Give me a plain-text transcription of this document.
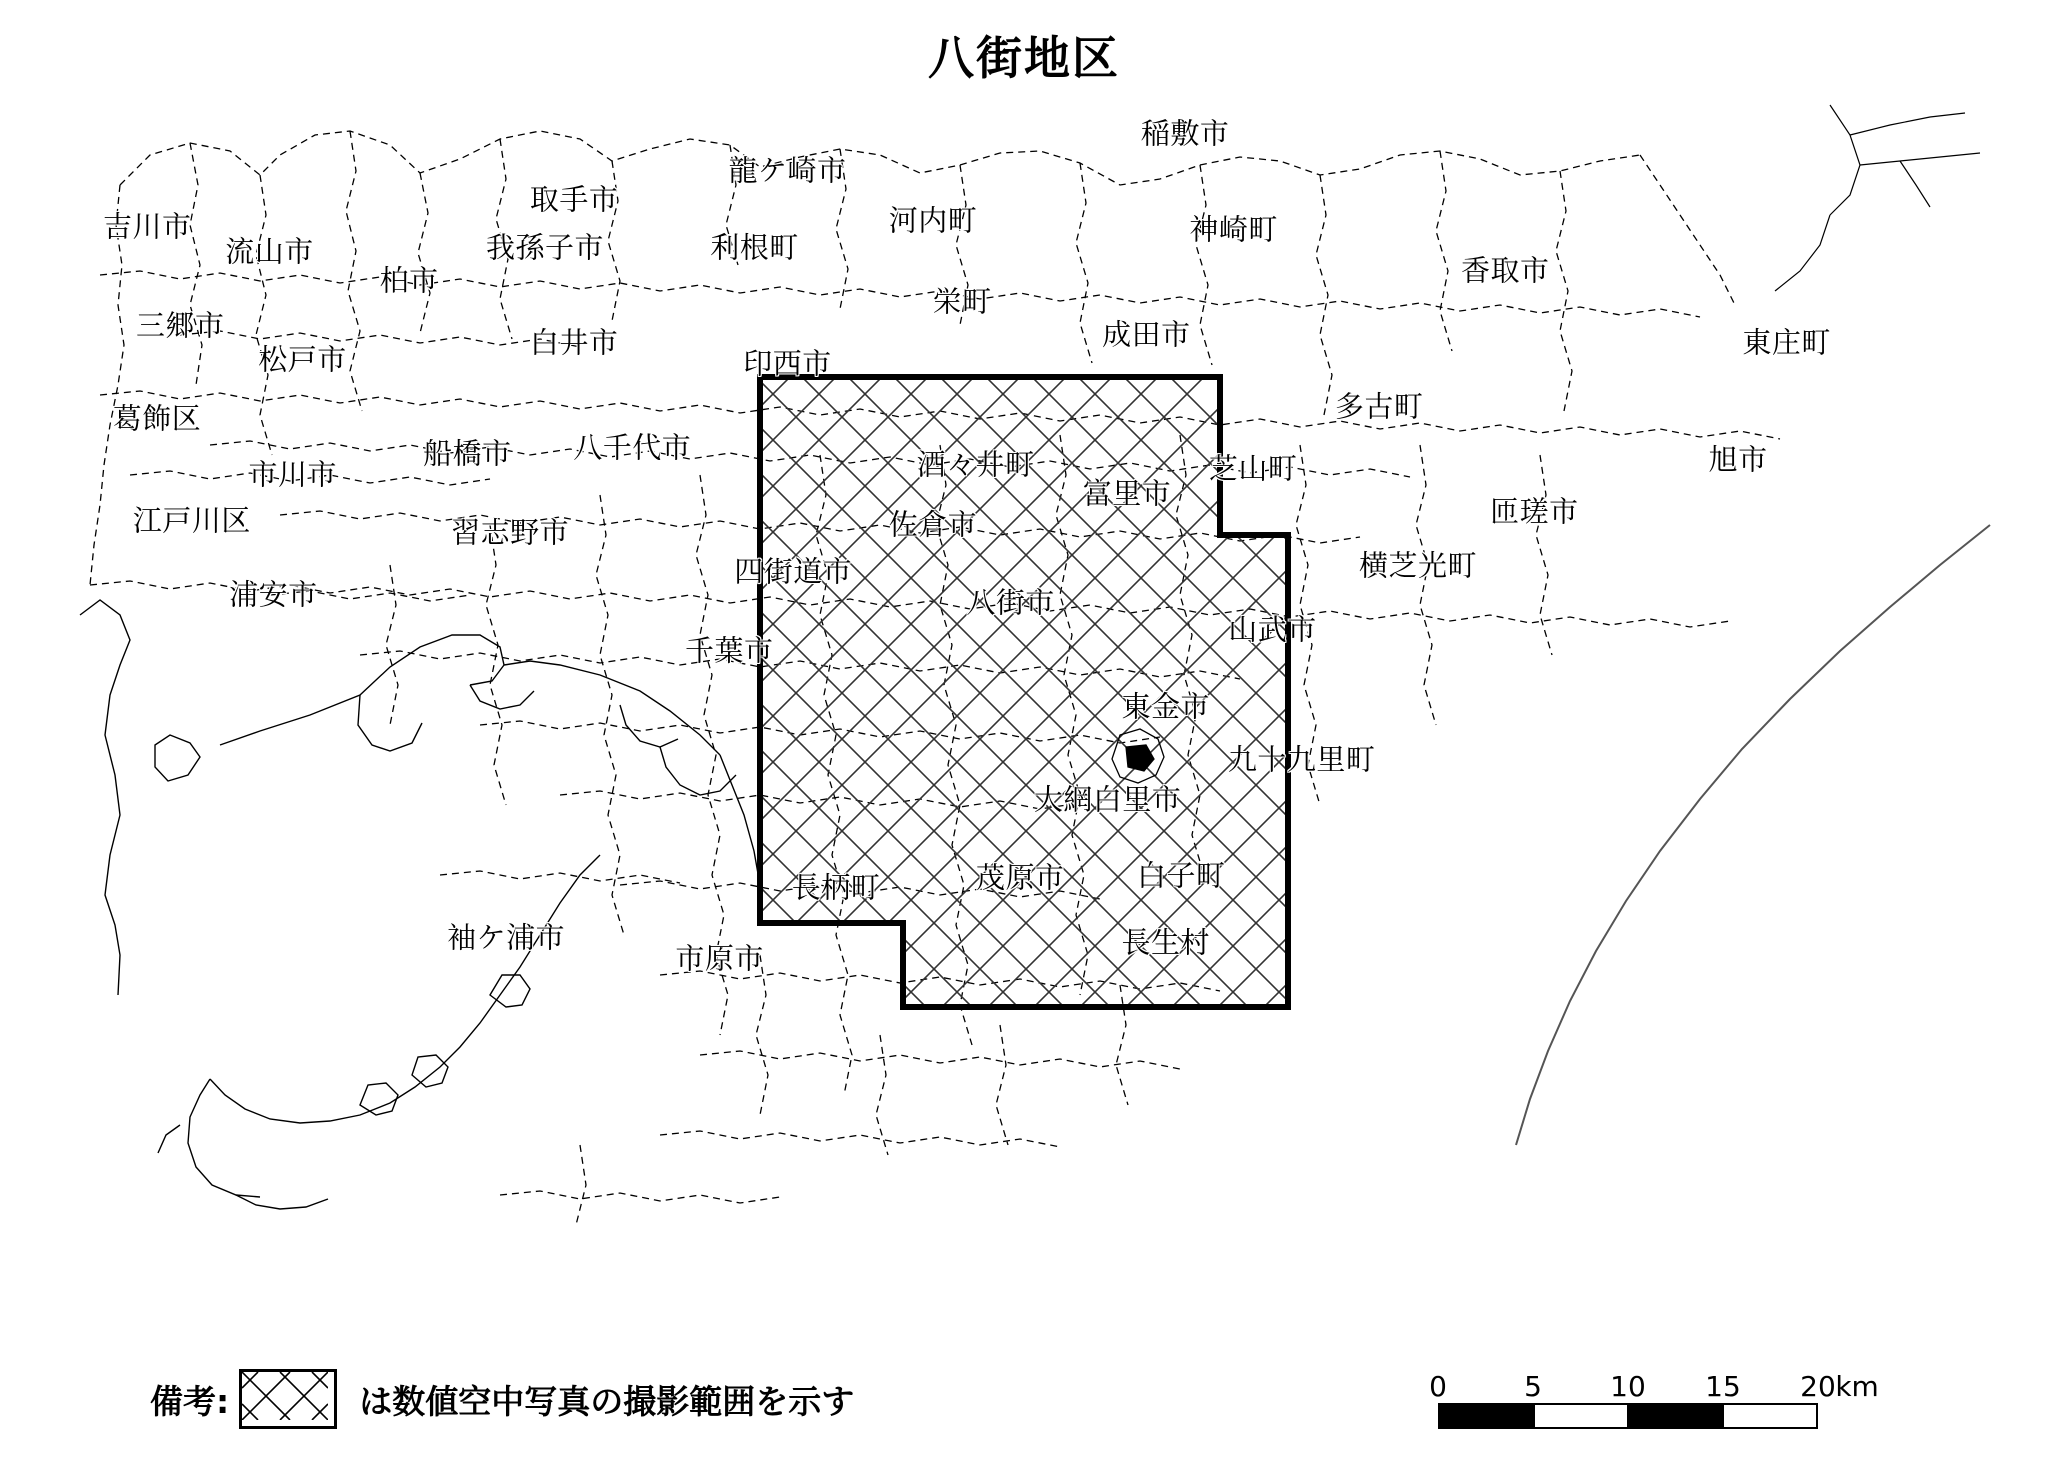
八街地区
吉川市
流山市
三郷市
柏市
我孫子市
取手市
龍ケ崎市
利根町
河内町
稲敷市
神崎町
香取市
東庄町
栄町
白井市
松戸市	印西市
成田市
多古町
葛飾区
八千代市
船橋市
市川市	酒々井町	芝山町	旭市
富里市
佐倉市	匝瑳市
江戸川区	習志野市
四街道市	横芝光町
浦安市	八街市
山武市
千葉市
東金市
九十九里町
大網白里市
長柄町	茂原市	白子町
袖ケ浦市
市原市	長生村
備考:	は数値空中写真の撮影範囲を示す	0	5 10 15 20 km
